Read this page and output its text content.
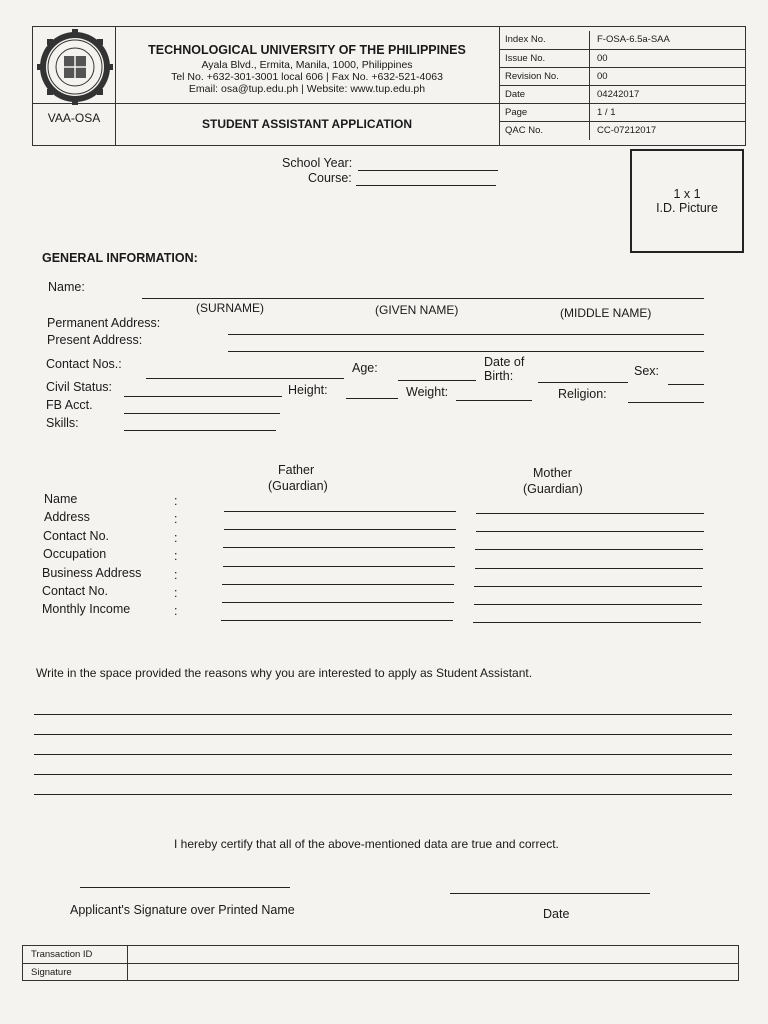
TECHNOLOGICAL UNIVERSITY OF THE PHILIPPINES
Ayala Blvd., Ermita, Manila, 1000, Philippines
Tel No. +632-301-3001 local 606 | Fax No. +632-521-4063
Email: osa@tup.edu.ph | Website: www.tup.edu.ph
VAA-OSA	STUDENT ASSISTANT APPLICATION
Index No.	F-OSA-6.5a-SAA
Issue No.	00
Revision No.	00
Date	04242017
Page	1 / 1
QAC No.	CC-07212017
School Year:
Course:
1 x 1
I.D. Picture
GENERAL INFORMATION:
Name:
(SURNAME)	(GIVEN NAME)	(MIDDLE NAME)
Permanent Address:
Present Address:
Contact Nos.:	Age:	Date of
Birth:	Sex:
Civil Status:	Height:	Weight:	Religion:
FB Acct.
Skills:
Father
(Guardian)
Mother
(Guardian)
Name
Address
Contact No.
Occupation
Business Address
Contact No.
Monthly Income
:
:
:
:
:
:
:
Write in the space provided the reasons why you are interested to apply as Student Assistant.
I hereby certify that all of the above-mentioned data are true and correct.
Applicant's Signature over Printed Name	Date
Transaction ID
Signature
